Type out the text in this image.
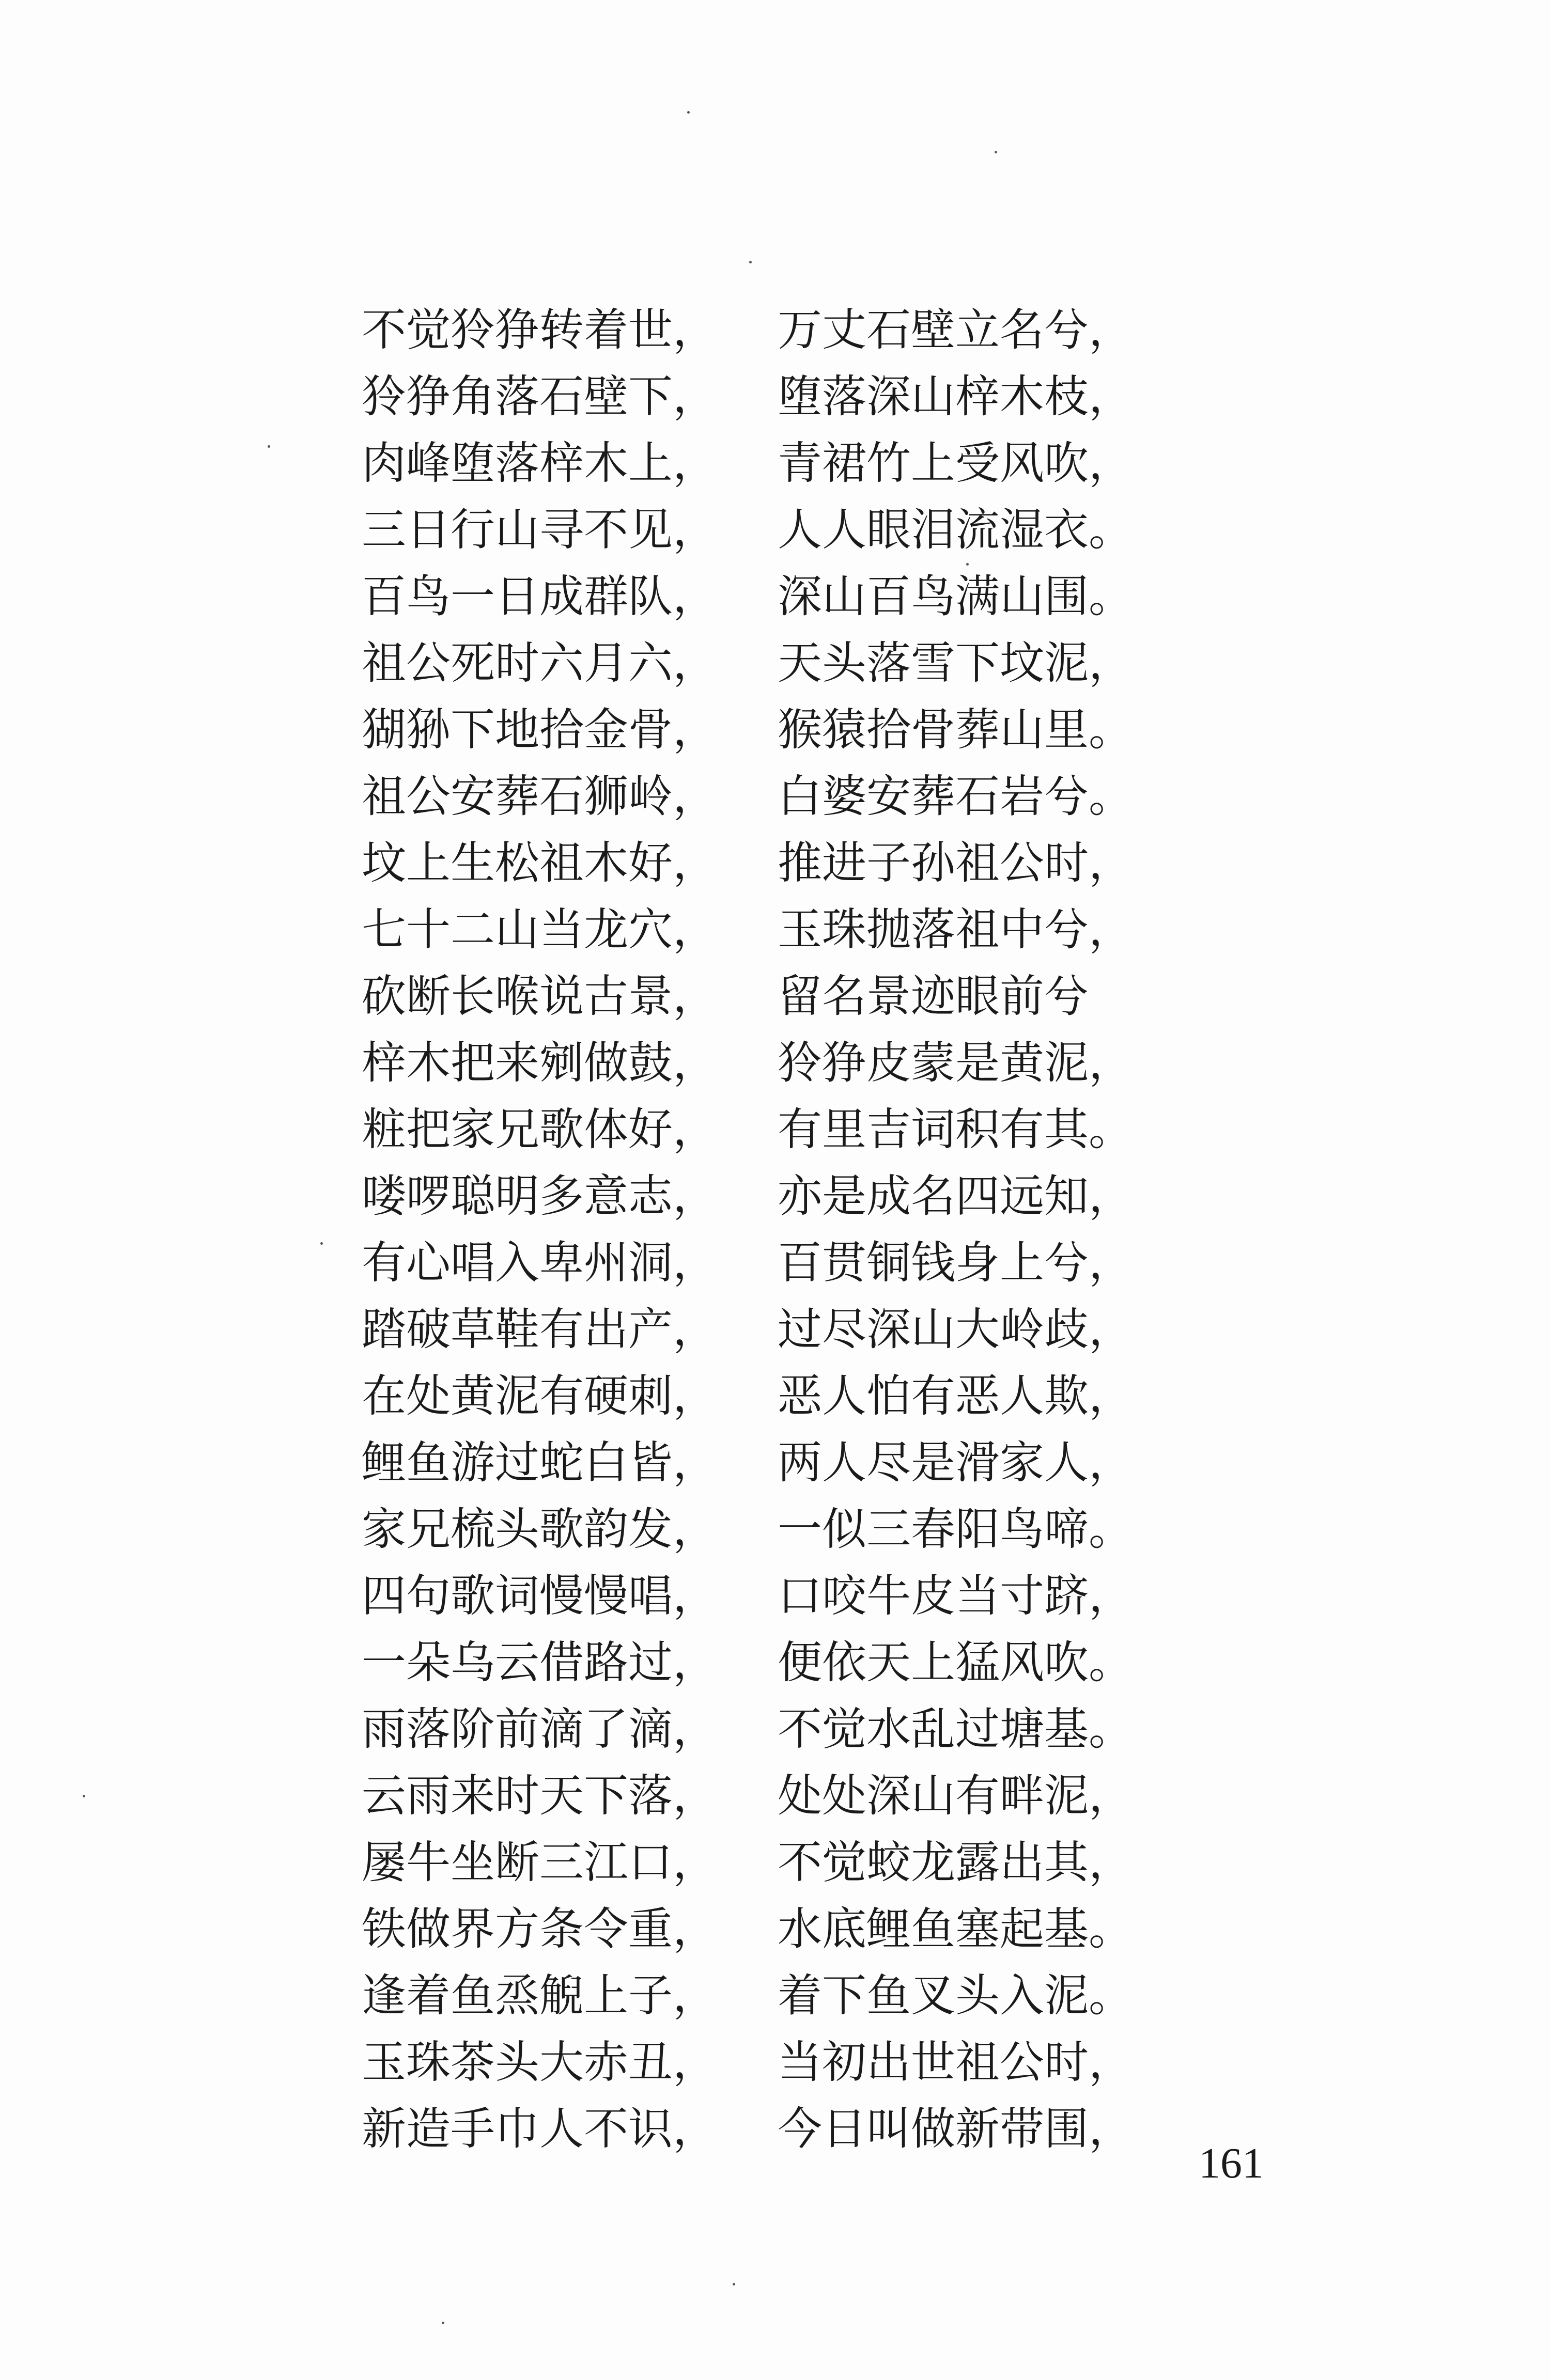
不觉狑狰转着世， 万丈石壁立名兮，
狑狰角落石壁下， 堕落深山梓木枝，
肉峰堕落梓木上， 青裙竹上受风吹，
三日行山寻不见， 人人眼泪流湿衣。
百鸟一日成群队， 深山百鸟满山围。
祖公死时六月六， 天头落雪下坟泥，
猢狲下地拾金骨， 猴猿拾骨葬山里。
祖公安葬石狮岭， 白婆安葬石岩兮。
坟上生松祖木好， 推进子孙祖公时，
七十二山当龙穴， 玉珠抛落祖中兮，
砍断长喉说古景， 留名景迹眼前兮
梓木把来剜做鼓， 狑狰皮蒙是黄泥，
粧把家兄歌体好， 有里吉词积有其。
喽啰聪明多意志， 亦是成名四远知，
有心唱入卑州洞， 百贯铜钱身上兮，
踏破草鞋有出产， 过尽深山大岭歧，
在处黄泥有硬刺， 恶人怕有恶人欺，
鲤鱼游过蛇白皆， 两人尽是滑家人，
家兄梳头歌韵发， 一似三春阳鸟啼。
四句歌词慢慢唱， 口咬牛皮当寸跻，
一朵乌云借路过， 便依天上猛风吹。
雨落阶前滴了滴， 不觉水乱过塘基。
云雨来时天下落， 处处深山有畔泥，
屡牛坐断三江口， 不觉蛟龙露出其，
铁做界方条令重， 水底鲤鱼塞起基。
逢着鱼烝觬上子， 着下鱼叉头入泥。
玉珠茶头大赤丑， 当初出世祖公时，
新造手巾人不识， 今日叫做新带围，
161
